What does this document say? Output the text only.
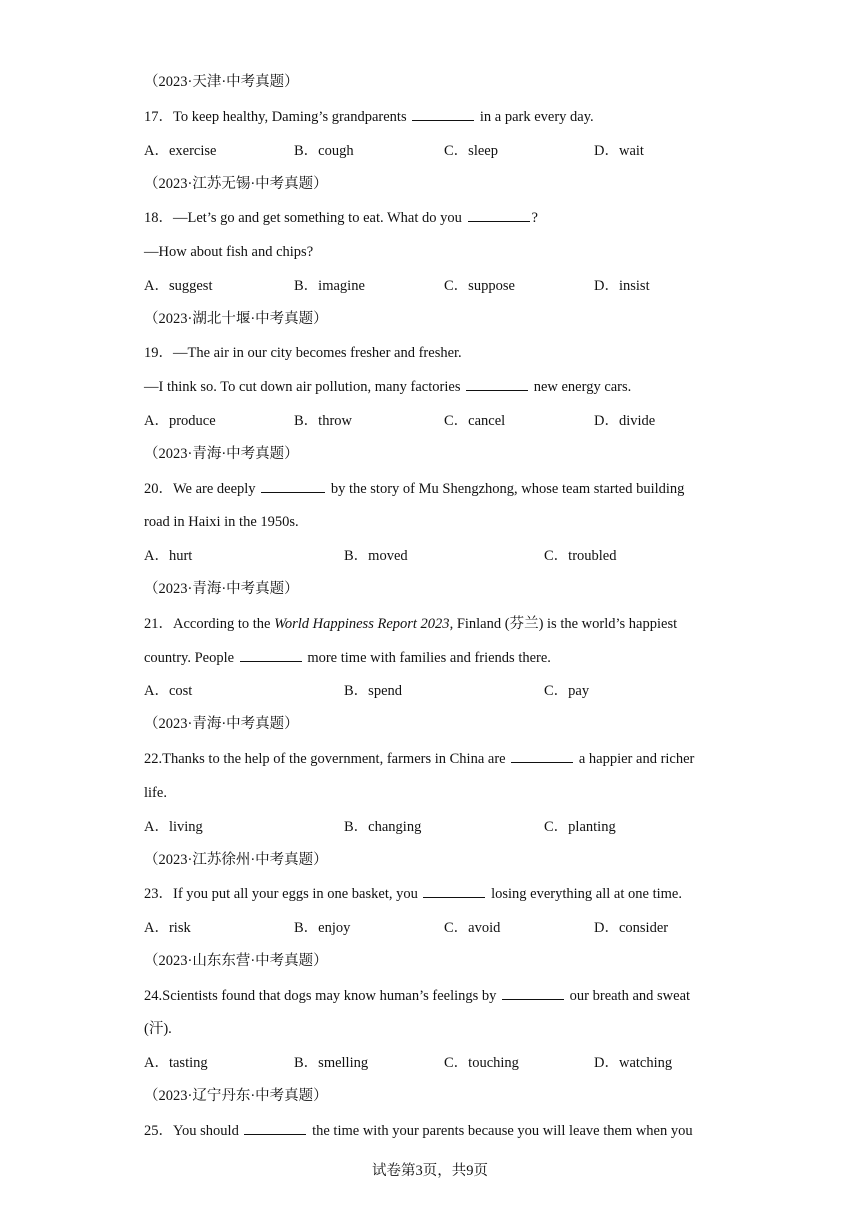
（2023·天津·中考真题）
17．To keep healthy, Daming’s grandparents	in a park every day.
A．exercise	B．cough	C．sleep	D．wait
（2023·江苏无锡·中考真题）
18．—Let’s go and get something to eat. What do you	?
—How about fish and chips?
A．suggest	B．imagine	C．suppose	D．insist
（2023·湖北十堰·中考真题）
19．—The air in our city becomes fresher and fresher.
—I think so. To cut down air pollution, many factories	new energy cars.
A．produce	B．throw	C．cancel	D．divide
（2023·青海·中考真题）
20．We are deeply	by the story of Mu Shengzhong, whose team started building
road in Haixi in the 1950s.
A．hurt	B．moved	C．troubled
（2023·青海·中考真题）
21．According to the World Happiness Report 2023, Finland (芬兰) is the world’s happiest
country. People	more time with families and friends there.
A．cost	B．spend	C．pay
（2023·青海·中考真题）
22.Thanks to the help of the government, farmers in China are	a happier and richer
life.
A．living	B．changing	C．planting
（2023·江苏徐州·中考真题）
23．If you put all your eggs in one basket, you	losing everything all at one time.
A．risk	B．enjoy	C．avoid	D．consider
（2023·山东东营·中考真题）
24.Scientists found that dogs may know human’s feelings by	our breath and sweat
(汗).
A．tasting	B．smelling	C．touching	D．watching
（2023·辽宁丹东·中考真题）
25．You should	the time with your parents because you will leave them when you
试卷第3页，共9页
